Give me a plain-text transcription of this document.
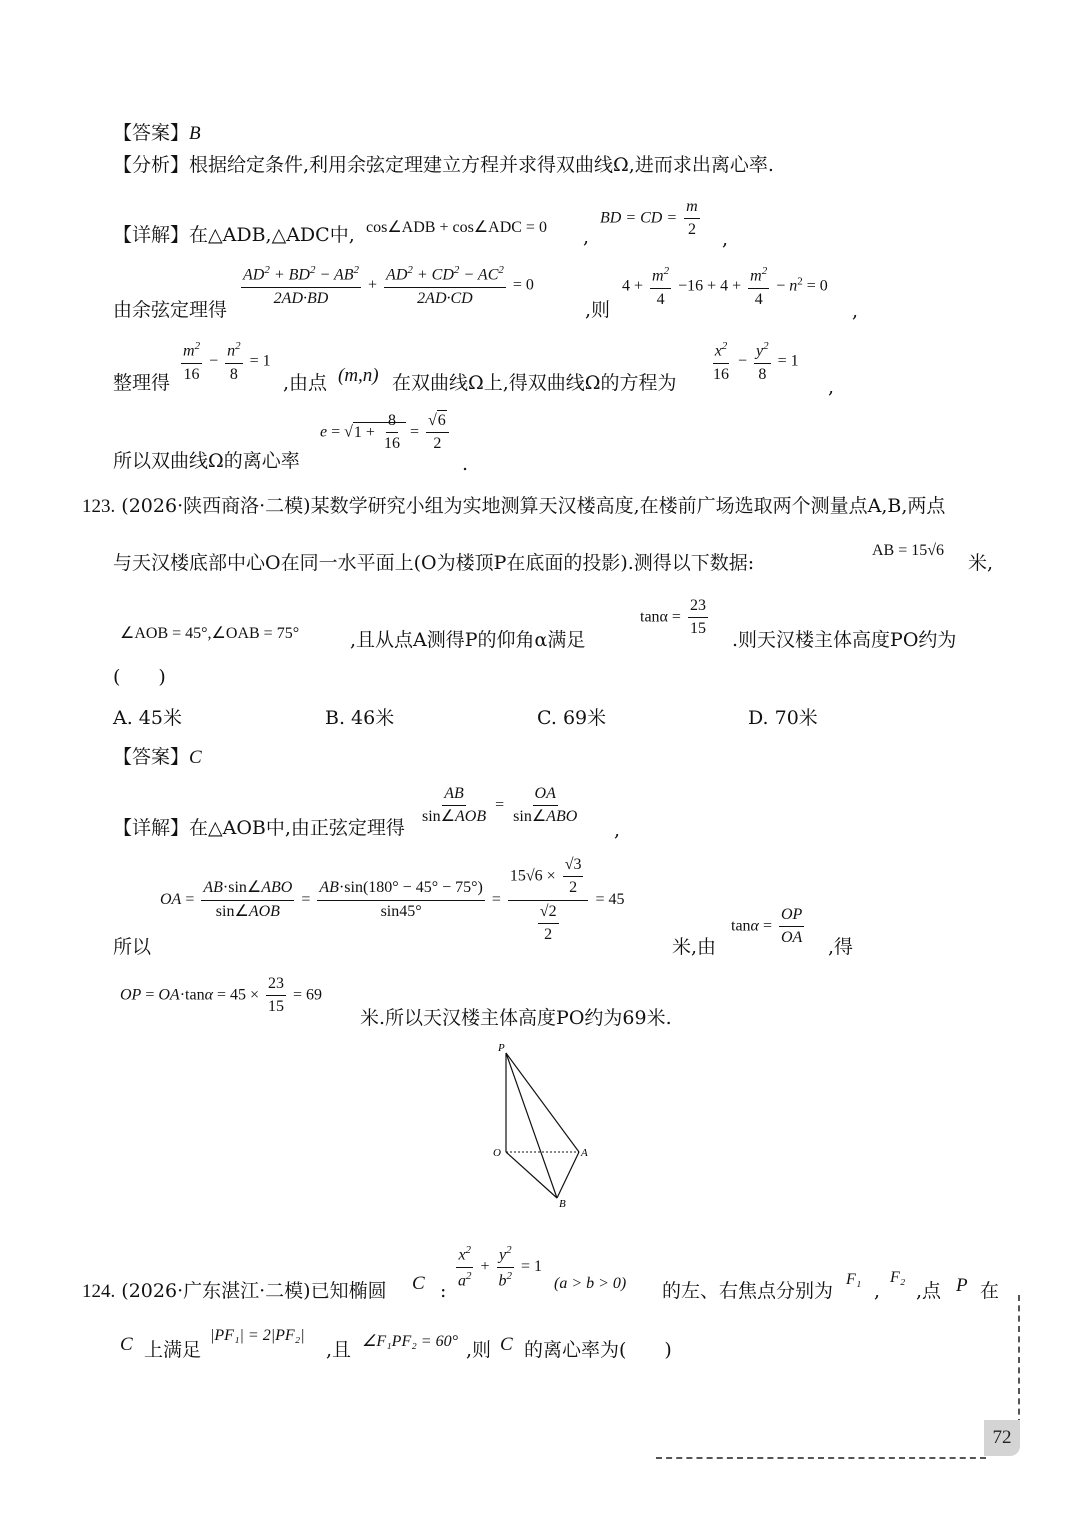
【答案】B
【分析】根据给定条件,利用余弦定理建立方程并求得双曲线Ω,进而求出离心率.
【详解】在△ADB,△ADC中, cos∠ADB + cos∠ADC = 0 ,
BD = CD = $\frac{m}{2}$ ,
由余弦定理得
$\frac{AD^2 + BD^2 - AB^2}{2AD\cdot BD} + \frac{AD^2 + CD^2 - AC^2}{2AD\cdot CD} = 0$
,则
$4 + \frac{m^2}{4} -16 + 4 + \frac{m^2}{4} - n^2 = 0$
,
整理得 $\frac{m^2}{16} - \frac{n^2}{8} = 1$
,由点 (m,n) 在双曲线Ω上,得双曲线Ω的方程为 $\frac{x^2}{16} - \frac{y^2}{8} = 1$
,
所以双曲线Ω的离心率
$e = √1 + \frac{8}{16} = \frac{√6}{2}$
.
123. (2026·陕西商洛·二模)某数学研究小组为实地测算天汉楼高度,在楼前广场选取两个测量点A,B,两点
与天汉楼底部中心O在同一水平面上(O为楼顶P在底面的投影).测得以下数据:
AB = 15√6
米,
∠AOB = 45°,∠OAB = 75°	,且从点A测得P的仰角α满足
$\tan\alpha = \frac{23}{15}$
.则天汉楼主体高度PO约为
(　　)
A. 45米	B. 46米	C. 69米	D. 70米
【答案】C
【详解】在△AOB中,由正弦定理得
$\frac{AB}{\text{sin∠AOB}} = \frac{OA}{\text{sin∠ABO}}$
,
所以
OA = $\frac{\text{AB·sin∠ABO}}{\text{sin∠AOB}} = \frac{AB\cdot\sin(180^\circ - 45^\circ - 75^\circ)}{\sin 45^\circ} = \frac{15√6 \times \frac{√3}{2}}{\frac{√2}{2}} = 45$
米,由
$\tan\alpha = \frac{OP}{OA}$ ,得
OP = $OA\cdot\tan\alpha = 45 \times \frac{23}{15} = 69$
米.所以天汉楼主体高度PO约为69米.
P
O	A
B
124. (2026·广东湛江·二模)已知椭圆 C :
$\frac{x^2}{a^2} + \frac{y^2}{b^2} = 1$
(a > b > 0) 的左、右焦点分别为
F₁
,
F₂
,点 P 在
C 上满足
|PF₁| = 2|PF₂|
,且 ∠F₁PF₂ = 60° ,则 C 的离心率为(　　)
72
